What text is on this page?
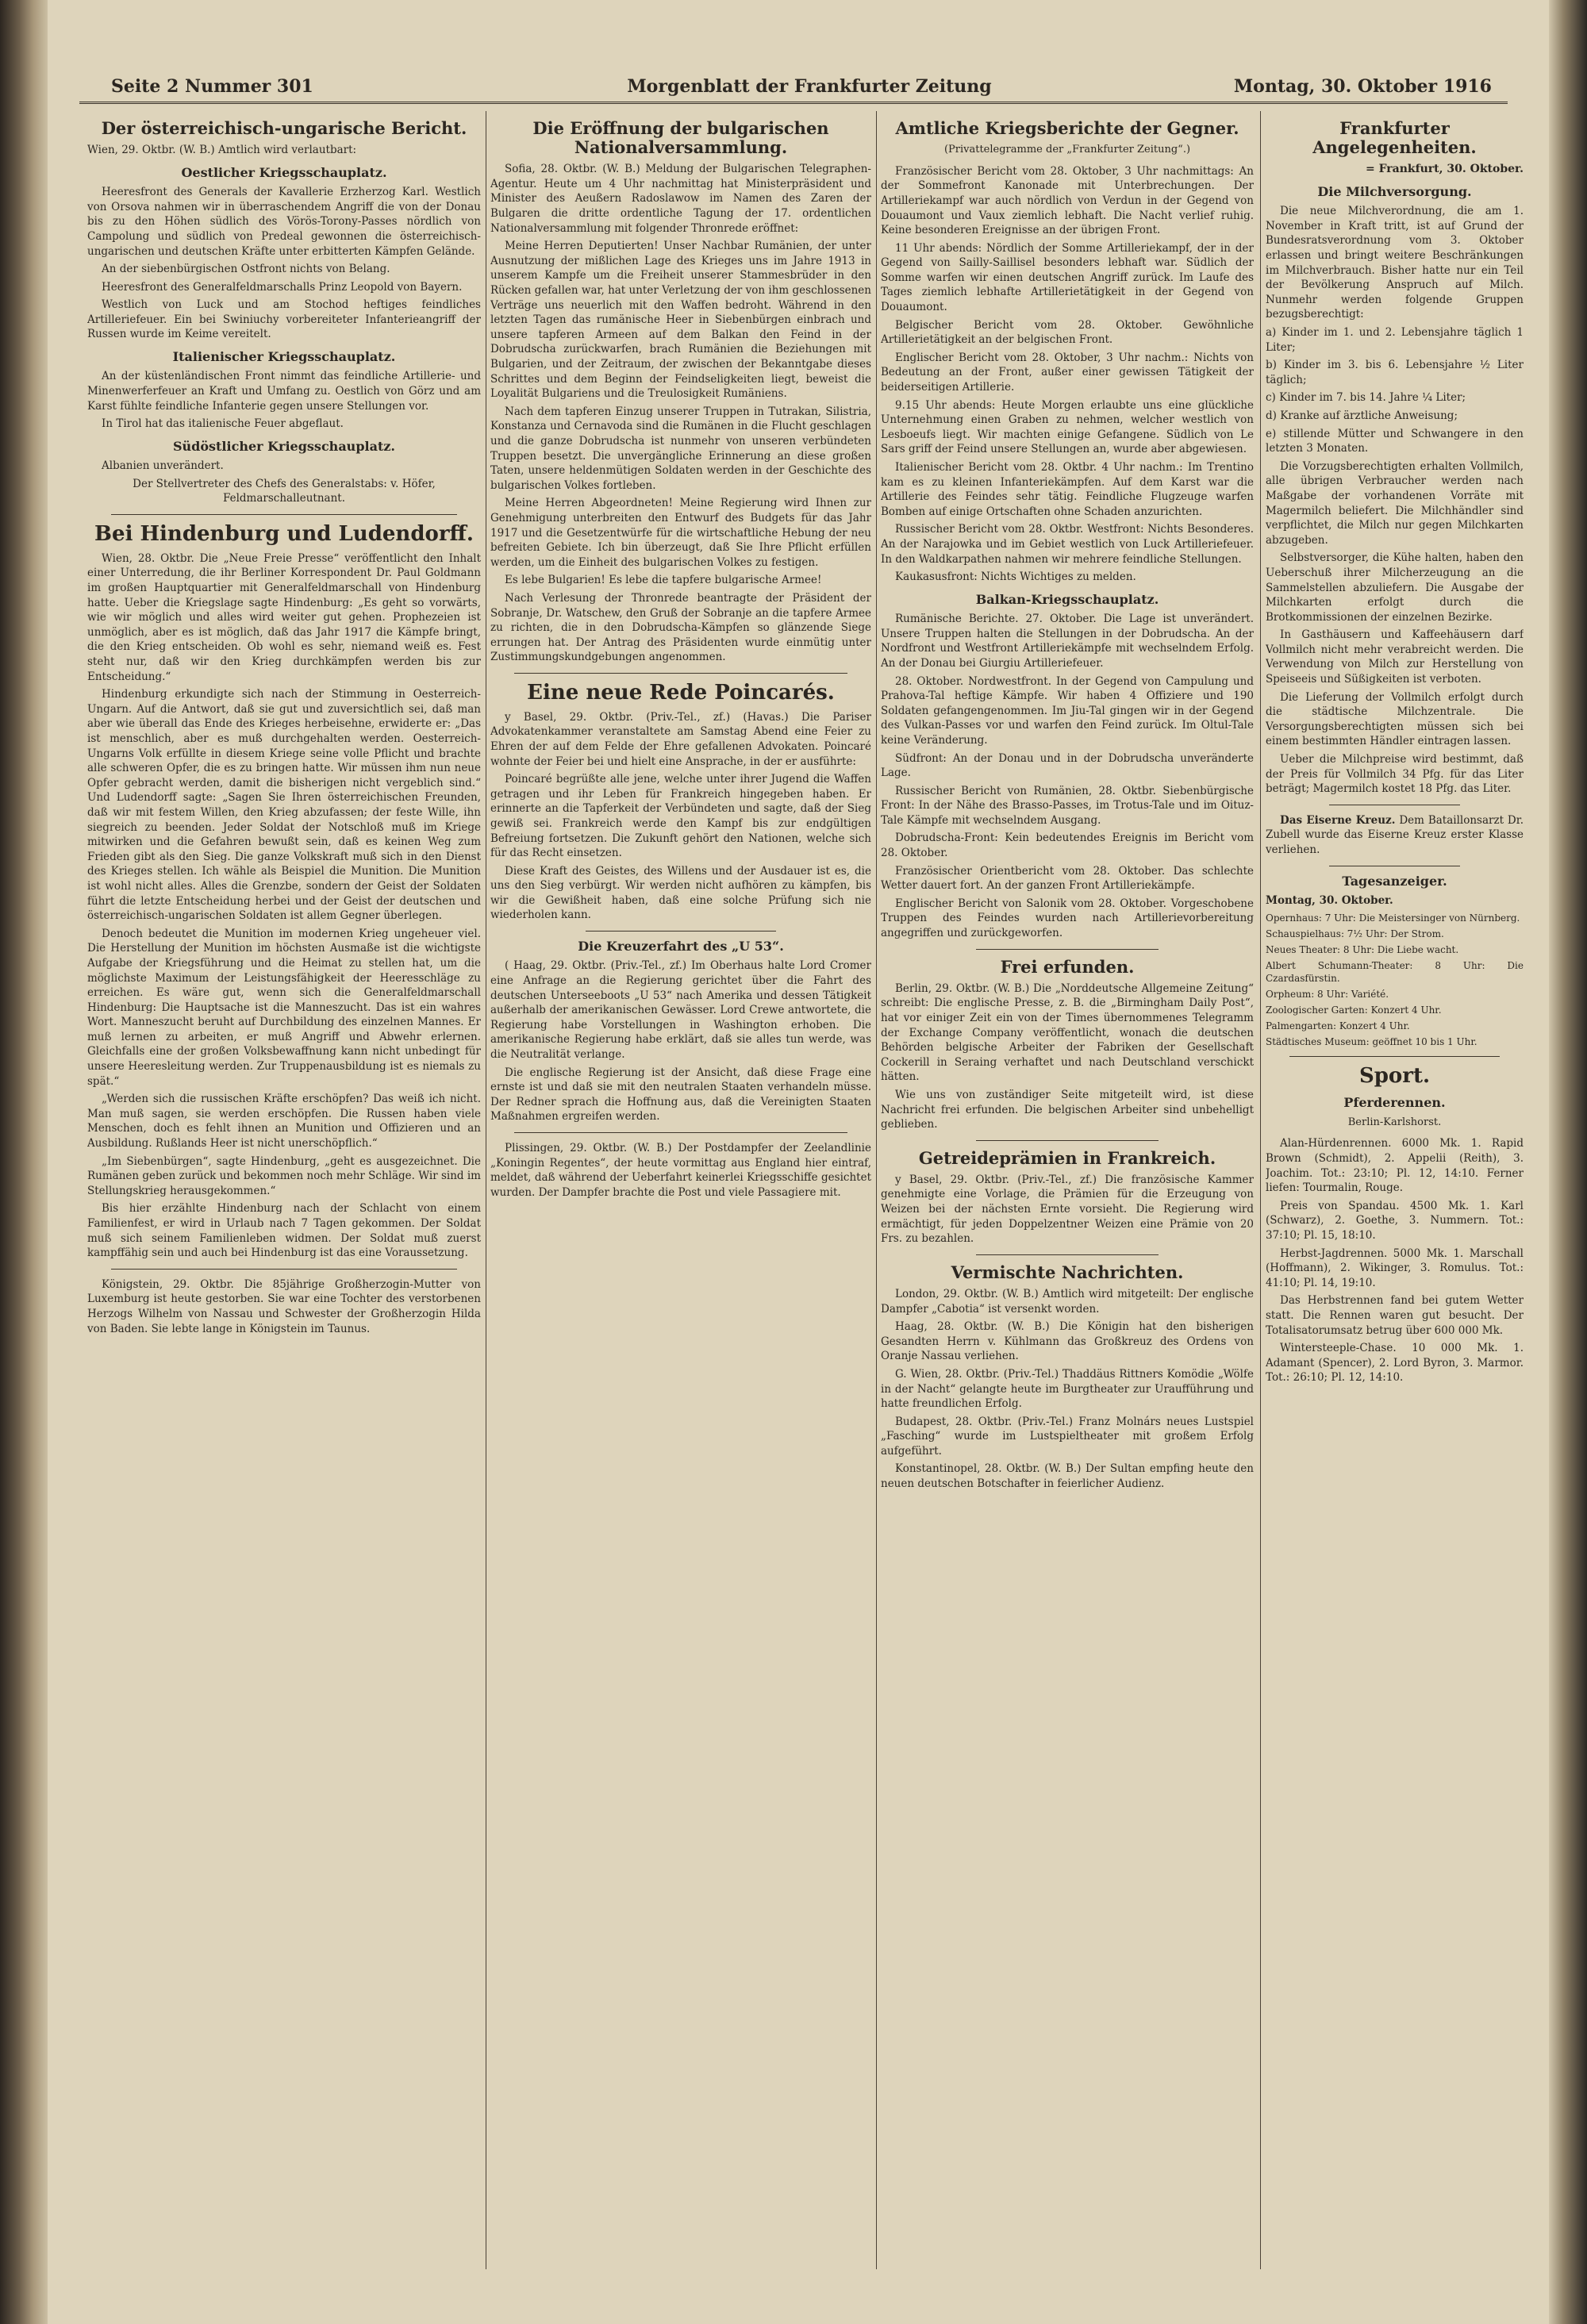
Seite 2 Nummer 301	Morgenblatt der Frankfurter Zeitung	Montag, 30. Oktober 1916
Der österreichisch-ungarische Bericht.

Wien, 29. Oktbr. (W. B.) Amtlich wird verlautbart:

Oestlicher Kriegsschauplatz.

Heeresfront des Generals der Kavallerie Erzherzog Karl. Westlich von Orsova nahmen wir in überraschendem Angriff die von der Donau bis zu den Höhen südlich des Vörös-Torony-Passes nördlich von Campolung und südlich von Predeal gewonnen die österreichisch-ungarischen und deutschen Kräfte unter erbitterten Kämpfen Gelände.

An der siebenbürgischen Ostfront nichts von Belang.

Heeresfront des Generalfeldmarschalls Prinz Leopold von Bayern.

Westlich von Luck und am Stochod heftiges feindliches Artilleriefeuer. Ein bei Swiniuchy vorbereiteter Infanterieangriff der Russen wurde im Keime vereitelt.

Italienischer Kriegsschauplatz.

An der küstenländischen Front nimmt das feindliche Artillerie- und Minenwerferfeuer an Kraft und Umfang zu. Oestlich von Görz und am Karst fühlte feindliche Infanterie gegen unsere Stellungen vor.

In Tirol hat das italienische Feuer abgeflaut.

Südöstlicher Kriegsschauplatz.

Albanien unverändert.

Der Stellvertreter des Chefs des Generalstabs: v. Höfer, Feldmarschalleutnant.

Bei Hindenburg und Ludendorff.

Wien, 28. Oktbr. Die „Neue Freie Presse“ veröffentlicht den Inhalt einer Unterredung, die ihr Berliner Korrespondent Dr. Paul Goldmann im großen Hauptquartier mit Generalfeldmarschall von Hindenburg hatte. Ueber die Kriegslage sagte Hindenburg: „Es geht so vorwärts, wie wir möglich und alles wird weiter gut gehen. Prophezeien ist unmöglich, aber es ist möglich, daß das Jahr 1917 die Kämpfe bringt, die den Krieg entscheiden. Ob wohl es sehr, niemand weiß es. Fest steht nur, daß wir den Krieg durchkämpfen werden bis zur Entscheidung.“

Hindenburg erkundigte sich nach der Stimmung in Oesterreich-Ungarn. Auf die Antwort, daß sie gut und zuversichtlich sei, daß man aber wie überall das Ende des Krieges herbeisehne, erwiderte er: „Das ist menschlich, aber es muß durchgehalten werden. Oesterreich-Ungarns Volk erfüllte in diesem Kriege seine volle Pflicht und brachte alle schweren Opfer, die es zu bringen hatte. Wir müssen ihm nun neue Opfer gebracht werden, damit die bisherigen nicht vergeblich sind.“ Und Ludendorff sagte: „Sagen Sie Ihren österreichischen Freunden, daß wir mit festem Willen, den Krieg abzufassen; der feste Wille, ihn siegreich zu beenden. Jeder Soldat der Notschloß muß im Kriege mitwirken und die Gefahren bewußt sein, daß es keinen Weg zum Frieden gibt als den Sieg. Die ganze Volkskraft muß sich in den Dienst des Krieges stellen. Ich wähle als Beispiel die Munition. Die Munition ist wohl nicht alles. Alles die Grenzbe, sondern der Geist der Soldaten führt die letzte Entscheidung herbei und der Geist der deutschen und österreichisch-ungarischen Soldaten ist allem Gegner überlegen.

Denoch bedeutet die Munition im modernen Krieg ungeheuer viel. Die Herstellung der Munition im höchsten Ausmaße ist die wichtigste Aufgabe der Kriegsführung und die Heimat zu stellen hat, um die möglichste Maximum der Leistungsfähigkeit der Heeresschläge zu erreichen. Es wäre gut, wenn sich die Generalfeldmarschall Hindenburg: Die Hauptsache ist die Manneszucht. Das ist ein wahres Wort. Manneszucht beruht auf Durchbildung des einzelnen Mannes. Er muß lernen zu arbeiten, er muß Angriff und Abwehr erlernen. Gleichfalls eine der großen Volksbewaffnung kann nicht unbedingt für unsere Heeresleitung werden. Zur Truppenausbildung ist es niemals zu spät.“

„Werden sich die russischen Kräfte erschöpfen? Das weiß ich nicht. Man muß sagen, sie werden erschöpfen. Die Russen haben viele Menschen, doch es fehlt ihnen an Munition und Offizieren und an Ausbildung. Rußlands Heer ist nicht unerschöpflich.“

„Im Siebenbürgen“, sagte Hindenburg, „geht es ausgezeichnet. Die Rumänen geben zurück und bekommen noch mehr Schläge. Wir sind im Stellungskrieg herausgekommen.“

Bis hier erzählte Hindenburg nach der Schlacht von einem Familienfest, er wird in Urlaub nach 7 Tagen gekommen. Der Soldat muß sich seinem Familienleben widmen. Der Soldat muß zuerst kampffähig sein und auch bei Hindenburg ist das eine Voraussetzung.

Königstein, 29. Oktbr. Die 85jährige Großherzogin-Mutter von Luxemburg ist heute gestorben. Sie war eine Tochter des verstorbenen Herzogs Wilhelm von Nassau und Schwester der Großherzogin Hilda von Baden. Sie lebte lange in Königstein im Taunus.

Die Eröffnung der bulgarischen Nationalversammlung.

Sofia, 28. Oktbr. (W. B.) Meldung der Bulgarischen Telegraphen-Agentur. Heute um 4 Uhr nachmittag hat Ministerpräsident und Minister des Aeußern Radoslawow im Namen des Zaren der Bulgaren die dritte ordentliche Tagung der 17. ordentlichen Nationalversammlung mit folgender Thronrede eröffnet:

Meine Herren Deputierten! Unser Nachbar Rumänien, der unter Ausnutzung der mißlichen Lage des Krieges uns im Jahre 1913 in unserem Kampfe um die Freiheit unserer Stammesbrüder in den Rücken gefallen war, hat unter Verletzung der von ihm geschlossenen Verträge uns neuerlich mit den Waffen bedroht. Während in den letzten Tagen das rumänische Heer in Siebenbürgen einbrach und unsere tapferen Armeen auf dem Balkan den Feind in der Dobrudscha zurückwarfen, brach Rumänien die Beziehungen mit Bulgarien, und der Zeitraum, der zwischen der Bekanntgabe dieses Schrittes und dem Beginn der Feindseligkeiten liegt, beweist die Loyalität Bulgariens und die Treulosigkeit Rumäniens.

Nach dem tapferen Einzug unserer Truppen in Tutrakan, Silistria, Konstanza und Cernavoda sind die Rumänen in die Flucht geschlagen und die ganze Dobrudscha ist nunmehr von unseren verbündeten Truppen besetzt. Die unvergängliche Erinnerung an diese großen Taten, unsere heldenmütigen Soldaten werden in der Geschichte des bulgarischen Volkes fortleben.

Meine Herren Abgeordneten! Meine Regierung wird Ihnen zur Genehmigung unterbreiten den Entwurf des Budgets für das Jahr 1917 und die Gesetzentwürfe für die wirtschaftliche Hebung der neu befreiten Gebiete. Ich bin überzeugt, daß Sie Ihre Pflicht erfüllen werden, um die Einheit des bulgarischen Volkes zu festigen.

Es lebe Bulgarien! Es lebe die tapfere bulgarische Armee!

Nach Verlesung der Thronrede beantragte der Präsident der Sobranje, Dr. Watschew, den Gruß der Sobranje an die tapfere Armee zu richten, die in den Dobrudscha-Kämpfen so glänzende Siege errungen hat. Der Antrag des Präsidenten wurde einmütig unter Zustimmungskundgebungen angenommen.

Eine neue Rede Poincarés.

y Basel, 29. Oktbr. (Priv.-Tel., zf.) (Havas.) Die Pariser Advokatenkammer veranstaltete am Samstag Abend eine Feier zu Ehren der auf dem Felde der Ehre gefallenen Advokaten. Poincaré wohnte der Feier bei und hielt eine Ansprache, in der er ausführte:

Poincaré begrüßte alle jene, welche unter ihrer Jugend die Waffen getragen und ihr Leben für Frankreich hingegeben haben. Er erinnerte an die Tapferkeit der Verbündeten und sagte, daß der Sieg gewiß sei. Frankreich werde den Kampf bis zur endgültigen Befreiung fortsetzen. Die Zukunft gehört den Nationen, welche sich für das Recht einsetzen.

Diese Kraft des Geistes, des Willens und der Ausdauer ist es, die uns den Sieg verbürgt. Wir werden nicht aufhören zu kämpfen, bis wir die Gewißheit haben, daß eine solche Prüfung sich nie wiederholen kann.

Die Kreuzerfahrt des „U 53“.

( Haag, 29. Oktbr. (Priv.-Tel., zf.) Im Oberhaus halte Lord Cromer eine Anfrage an die Regierung gerichtet über die Fahrt des deutschen Unterseeboots „U 53“ nach Amerika und dessen Tätigkeit außerhalb der amerikanischen Gewässer. Lord Crewe antwortete, die Regierung habe Vorstellungen in Washington erhoben. Die amerikanische Regierung habe erklärt, daß sie alles tun werde, was die Neutralität verlange.

Die englische Regierung ist der Ansicht, daß diese Frage eine ernste ist und daß sie mit den neutralen Staaten verhandeln müsse. Der Redner sprach die Hoffnung aus, daß die Vereinigten Staaten Maßnahmen ergreifen werden.

Plissingen, 29. Oktbr. (W. B.) Der Postdampfer der Zeelandlinie „Koningin Regentes“, der heute vormittag aus England hier eintraf, meldet, daß während der Ueberfahrt keinerlei Kriegsschiffe gesichtet wurden. Der Dampfer brachte die Post und viele Passagiere mit.

Amtliche Kriegsberichte der Gegner.
(Privattelegramme der „Frankfurter Zeitung“.)

Französischer Bericht vom 28. Oktober, 3 Uhr nachmittags: An der Sommefront Kanonade mit Unterbrechungen. Der Artilleriekampf war auch nördlich von Verdun in der Gegend von Douaumont und Vaux ziemlich lebhaft. Die Nacht verlief ruhig. Keine besonderen Ereignisse an der übrigen Front.

11 Uhr abends: Nördlich der Somme Artilleriekampf, der in der Gegend von Sailly-Saillisel besonders lebhaft war. Südlich der Somme warfen wir einen deutschen Angriff zurück. Im Laufe des Tages ziemlich lebhafte Artillerietätigkeit in der Gegend von Douaumont.

Belgischer Bericht vom 28. Oktober. Gewöhnliche Artillerietätigkeit an der belgischen Front.

Englischer Bericht vom 28. Oktober, 3 Uhr nachm.: Nichts von Bedeutung an der Front, außer einer gewissen Tätigkeit der beiderseitigen Artillerie.

9.15 Uhr abends: Heute Morgen erlaubte uns eine glückliche Unternehmung einen Graben zu nehmen, welcher westlich von Lesboeufs liegt. Wir machten einige Gefangene. Südlich von Le Sars griff der Feind unsere Stellungen an, wurde aber abgewiesen.

Italienischer Bericht vom 28. Oktbr. 4 Uhr nachm.: Im Trentino kam es zu kleinen Infanteriekämpfen. Auf dem Karst war die Artillerie des Feindes sehr tätig. Feindliche Flugzeuge warfen Bomben auf einige Ortschaften ohne Schaden anzurichten.

Russischer Bericht vom 28. Oktbr. Westfront: Nichts Besonderes. An der Narajowka und im Gebiet westlich von Luck Artilleriefeuer. In den Waldkarpathen nahmen wir mehrere feindliche Stellungen.

Kaukasusfront: Nichts Wichtiges zu melden.

Balkan-Kriegsschauplatz.

Rumänische Berichte. 27. Oktober. Die Lage ist unverändert. Unsere Truppen halten die Stellungen in der Dobrudscha. An der Nordfront und Westfront Artilleriekämpfe mit wechselndem Erfolg. An der Donau bei Giurgiu Artilleriefeuer.

28. Oktober. Nordwestfront. In der Gegend von Campulung und Prahova-Tal heftige Kämpfe. Wir haben 4 Offiziere und 190 Soldaten gefangengenommen. Im Jiu-Tal gingen wir in der Gegend des Vulkan-Passes vor und warfen den Feind zurück. Im Oltul-Tale keine Veränderung.

Südfront: An der Donau und in der Dobrudscha unveränderte Lage.

Russischer Bericht von Rumänien, 28. Oktbr. Siebenbürgische Front: In der Nähe des Brasso-Passes, im Trotus-Tale und im Oituz-Tale Kämpfe mit wechselndem Ausgang.

Dobrudscha-Front: Kein bedeutendes Ereignis im Bericht vom 28. Oktober.

Französischer Orientbericht vom 28. Oktober. Das schlechte Wetter dauert fort. An der ganzen Front Artilleriekämpfe.

Englischer Bericht von Salonik vom 28. Oktober. Vorgeschobene Truppen des Feindes wurden nach Artillerievorbereitung angegriffen und zurückgeworfen.

Frei erfunden.

Berlin, 29. Oktbr. (W. B.) Die „Norddeutsche Allgemeine Zeitung“ schreibt: Die englische Presse, z. B. die „Birmingham Daily Post“, hat vor einiger Zeit ein von der Times übernommenes Telegramm der Exchange Company veröffentlicht, wonach die deutschen Behörden belgische Arbeiter der Fabriken der Gesellschaft Cockerill in Seraing verhaftet und nach Deutschland verschickt hätten.

Wie uns von zuständiger Seite mitgeteilt wird, ist diese Nachricht frei erfunden. Die belgischen Arbeiter sind unbehelligt geblieben.

Getreideprämien in Frankreich.

y Basel, 29. Oktbr. (Priv.-Tel., zf.) Die französische Kammer genehmigte eine Vorlage, die Prämien für die Erzeugung von Weizen bei der nächsten Ernte vorsieht. Die Regierung wird ermächtigt, für jeden Doppelzentner Weizen eine Prämie von 20 Frs. zu bezahlen.

Vermischte Nachrichten.

London, 29. Oktbr. (W. B.) Amtlich wird mitgeteilt: Der englische Dampfer „Cabotia“ ist versenkt worden.

Haag, 28. Oktbr. (W. B.) Die Königin hat den bisherigen Gesandten Herrn v. Kühlmann das Großkreuz des Ordens von Oranje Nassau verliehen.

G. Wien, 28. Oktbr. (Priv.-Tel.) Thaddäus Rittners Komödie „Wölfe in der Nacht“ gelangte heute im Burgtheater zur Uraufführung und hatte freundlichen Erfolg.

Budapest, 28. Oktbr. (Priv.-Tel.) Franz Molnárs neues Lustspiel „Fasching“ wurde im Lustspieltheater mit großem Erfolg aufgeführt.

Konstantinopel, 28. Oktbr. (W. B.) Der Sultan empfing heute den neuen deutschen Botschafter in feierlicher Audienz.

Frankfurter Angelegenheiten.
= Frankfurt, 30. Oktober.
Die Milchversorgung.

Die neue Milchverordnung, die am 1. November in Kraft tritt, ist auf Grund der Bundesratsverordnung vom 3. Oktober erlassen und bringt weitere Beschränkungen im Milchverbrauch. Bisher hatte nur ein Teil der Bevölkerung Anspruch auf Milch. Nunmehr werden folgende Gruppen bezugsberechtigt:

a) Kinder im 1. und 2. Lebensjahre täglich 1 Liter;

b) Kinder im 3. bis 6. Lebensjahre ½ Liter täglich;

c) Kinder im 7. bis 14. Jahre ¼ Liter;

d) Kranke auf ärztliche Anweisung;

e) stillende Mütter und Schwangere in den letzten 3 Monaten.

Die Vorzugsberechtigten erhalten Vollmilch, alle übrigen Verbraucher werden nach Maßgabe der vorhandenen Vorräte mit Magermilch beliefert. Die Milchhändler sind verpflichtet, die Milch nur gegen Milchkarten abzugeben.

Selbstversorger, die Kühe halten, haben den Ueberschuß ihrer Milcherzeugung an die Sammelstellen abzuliefern. Die Ausgabe der Milchkarten erfolgt durch die Brotkommissionen der einzelnen Bezirke.

In Gasthäusern und Kaffeehäusern darf Vollmilch nicht mehr verabreicht werden. Die Verwendung von Milch zur Herstellung von Speiseeis und Süßigkeiten ist verboten.

Die Lieferung der Vollmilch erfolgt durch die städtische Milchzentrale. Die Versorgungsberechtigten müssen sich bei einem bestimmten Händler eintragen lassen.

Ueber die Milchpreise wird bestimmt, daß der Preis für Vollmilch 34 Pfg. für das Liter beträgt; Magermilch kostet 18 Pfg. das Liter.

Das Eiserne Kreuz. Dem Bataillonsarzt Dr. Zubell wurde das Eiserne Kreuz erster Klasse verliehen.

Tagesanzeiger.

Montag, 30. Oktober.

Opernhaus: 7 Uhr: Die Meistersinger von Nürnberg.

Schauspielhaus: 7½ Uhr: Der Strom.

Neues Theater: 8 Uhr: Die Liebe wacht.

Albert Schumann-Theater: 8 Uhr: Die Czardasfürstin.

Orpheum: 8 Uhr: Variété.

Zoologischer Garten: Konzert 4 Uhr.

Palmengarten: Konzert 4 Uhr.

Städtisches Museum: geöffnet 10 bis 1 Uhr.

Sport.
Pferderennen.
Berlin-Karlshorst.

Alan-Hürdenrennen. 6000 Mk. 1. Rapid Brown (Schmidt), 2. Appelii (Reith), 3. Joachim. Tot.: 23:10; Pl. 12, 14:10. Ferner liefen: Tourmalin, Rouge.

Preis von Spandau. 4500 Mk. 1. Karl (Schwarz), 2. Goethe, 3. Nummern. Tot.: 37:10; Pl. 15, 18:10.

Herbst-Jagdrennen. 5000 Mk. 1. Marschall (Hoffmann), 2. Wikinger, 3. Romulus. Tot.: 41:10; Pl. 14, 19:10.

Das Herbstrennen fand bei gutem Wetter statt. Die Rennen waren gut besucht. Der Totalisatorumsatz betrug über 600 000 Mk.

Wintersteeple-Chase. 10 000 Mk. 1. Adamant (Spencer), 2. Lord Byron, 3. Marmor. Tot.: 26:10; Pl. 12, 14:10.
